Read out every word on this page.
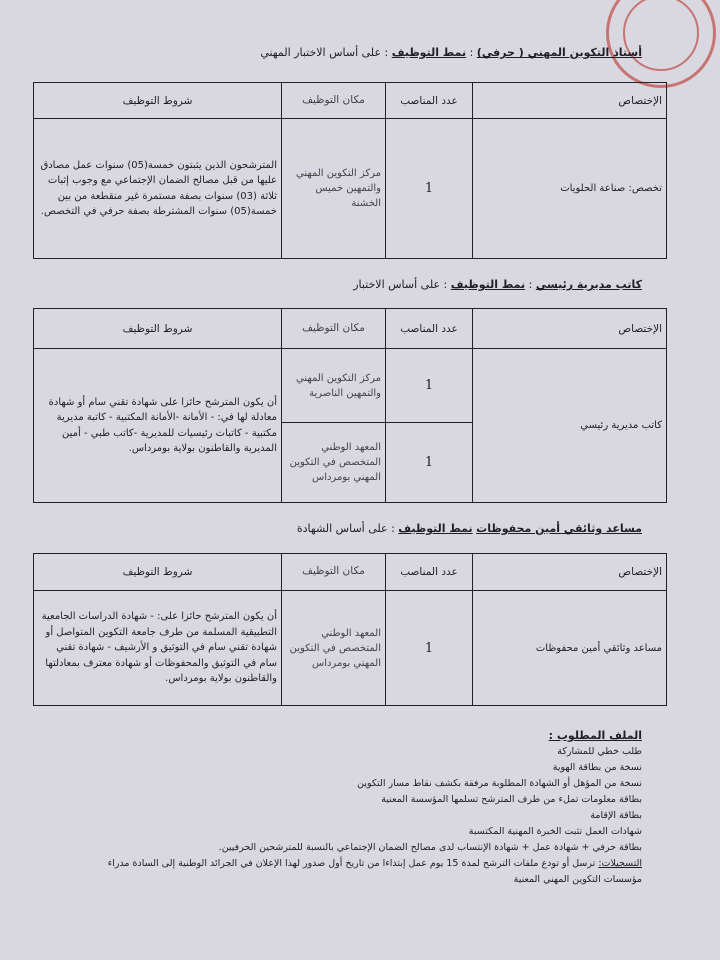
أستاذ التكوين المهني ( حرفي) : نمط التوظيف : على أساس الاختبار المهني
الإختصاص	عدد المناصب	مكان التوظيف	شروط التوظيف
تخصص: صناعة الحلويات	1	مركز التكوين المهني والتمهين خميس الخشنة	المترشحون الذين يثبتون خمسة(05) سنوات عمل مصادق عليها من قبل مصالح الضمان الإجتماعي مع وجوب إثبات ثلاثة (03) سنوات بصفة مستمرة غير منقطعة من بين خمسة(05) سنوات المشترطة بصفة حرفي في التخصص.
كاتب مديرية رئيسي : نمط التوظيف : على أساس الاختبار
الإختصاص	عدد المناصب	مكان التوظيف	شروط التوظيف
كاتب مديرية رئيسي	1	مركز التكوين المهني والتمهين الناصرية	أن يكون المترشح حائزا على شهادة تقني سام أو شهادة معادلة لها في: - الأمانة -الأمانة المكتبية - كاتبة مديرية مكتبية - كاتبات رئيسيات للمديرية -كاتب طبي - أمين المديرية والقاطنون بولاية بومرداس.
	1	المعهد الوطني المتخصص في التكوين المهني بومرداس	
مساعد وثائقي أمين محفوظات نمط التوظيف : على أساس الشهادة
الإختصاص	عدد المناصب	مكان التوظيف	شروط التوظيف
مساعد وثائقي أمين محفوظات	1	المعهد الوطني المتخصص في التكوين المهني بومرداس	أن يكون المترشح حائزا على: - شهادة الدراسات الجامعية التطبيقية المسلمة من طرف جامعة التكوين المتواصل أو شهادة تقني سام في التوثيق و الأرشيف - شهادة تقني سام في التوثيق والمحفوظات أو شهادة معترف بمعادلتها والقاطنون بولاية بومرداس.
الملف المطلوب :
طلب خطي للمشاركة
نسخة من بطاقة الهوية
نسخة من المؤهل أو الشهادة المطلوبة مرفقة بكشف نقاط مسار التكوين
بطاقة معلومات تملء من طرف المترشح تسلمها المؤسسة المعنية
بطاقة الإقامة
شهادات العمل تثبت الخبرة المهنية المكتسبة
بطاقة حرفي + شهادة عمل + شهادة الإنتساب لدى مصالح الضمان الإجتماعي بالنسبة للمترشحين الحرفيين.
التسجيلات: ترسل أو تودع ملفات الترشح لمدة 15 يوم عمل إبتداءا من تاريخ أول صدور لهذا الإعلان في الجرائد الوطنية إلى السادة مدراء
مؤسسات التكوين المهني المعنية
